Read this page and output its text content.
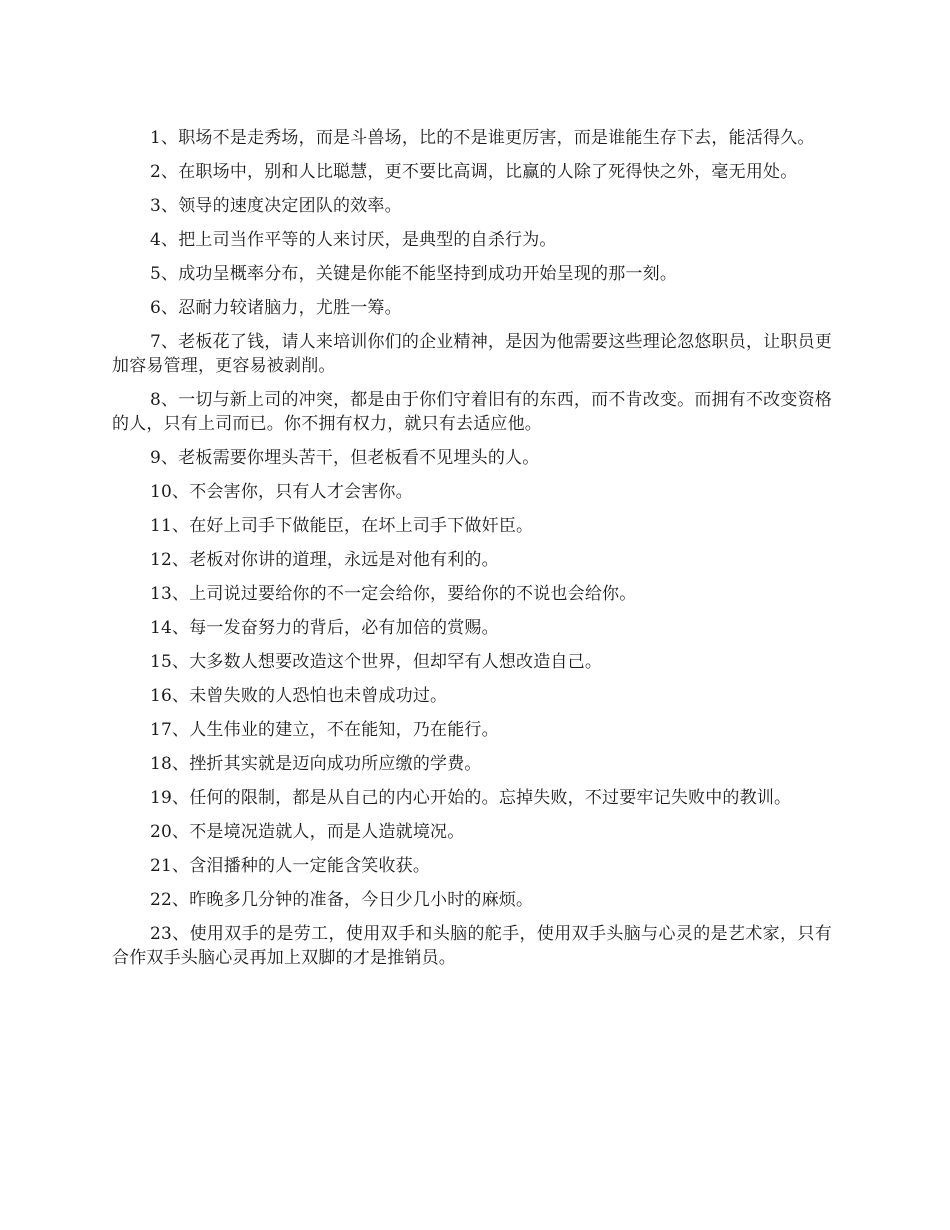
1、职场不是走秀场，而是斗兽场，比的不是谁更厉害，而是谁能生存下去，能活得久。

2、在职场中，别和人比聪慧，更不要比高调，比赢的人除了死得快之外，毫无用处。

3、领导的速度决定团队的效率。

4、把上司当作平等的人来讨厌，是典型的自杀行为。

5、成功呈概率分布，关键是你能不能坚持到成功开始呈现的那一刻。

6、忍耐力较诸脑力，尤胜一筹。

7、老板花了钱，请人来培训你们的企业精神，是因为他需要这些理论忽悠职员，让职员更加容易管理，更容易被剥削。

8、一切与新上司的冲突，都是由于你们守着旧有的东西，而不肯改变。而拥有不改变资格的人，只有上司而已。你不拥有权力，就只有去适应他。

9、老板需要你埋头苦干，但老板看不见埋头的人。

10、不会害你，只有人才会害你。

11、在好上司手下做能臣，在坏上司手下做奸臣。

12、老板对你讲的道理，永远是对他有利的。

13、上司说过要给你的不一定会给你，要给你的不说也会给你。

14、每一发奋努力的背后，必有加倍的赏赐。

15、大多数人想要改造这个世界，但却罕有人想改造自己。

16、未曾失败的人恐怕也未曾成功过。

17、人生伟业的建立，不在能知，乃在能行。

18、挫折其实就是迈向成功所应缴的学费。

19、任何的限制，都是从自己的内心开始的。忘掉失败，不过要牢记失败中的教训。

20、不是境况造就人，而是人造就境况。

21、含泪播种的人一定能含笑收获。

22、昨晚多几分钟的准备，今日少几小时的麻烦。

23、使用双手的是劳工，使用双手和头脑的舵手，使用双手头脑与心灵的是艺术家，只有合作双手头脑心灵再加上双脚的才是推销员。
